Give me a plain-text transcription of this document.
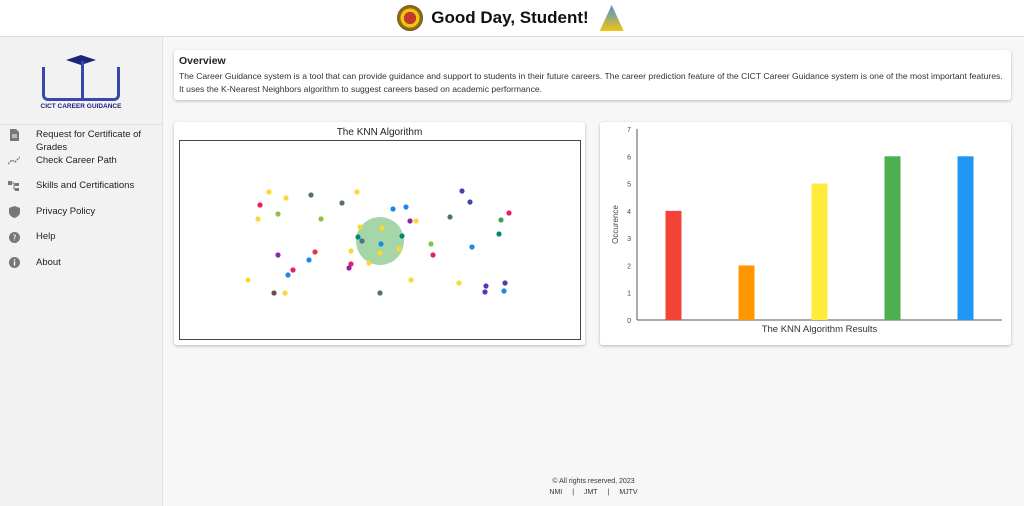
Good Day, Student!
CICT CAREER GUIDANCE
Request for Certificate of Grades
Check Career Path
Skills and Certifications
Privacy Policy
? Help
About
Overview

The Career Guidance system is a tool that can provide guidance and support to students in their future careers. The career prediction feature of the CICT Career Guidance system is one of the most important features. It uses the K-Nearest Neighbors algorithm to suggest careers based on academic performance.

The KNN Algorithm
0
1
2
3
4
5
6
7
Occurence
The KNN Algorithm Results
© All rights reserved, 2023
NMI | JMT | MJTV
